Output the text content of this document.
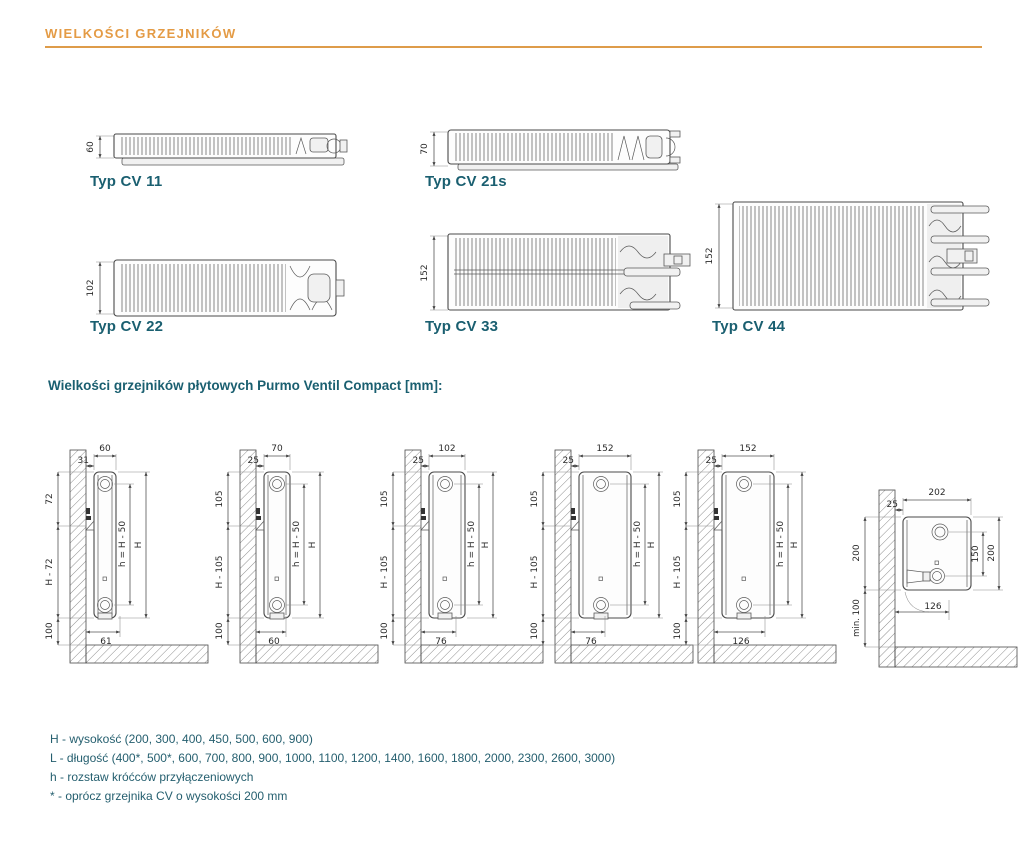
WIELKOŚCI GRZEJNIKÓW
60
Typ CV 11
70
Typ CV 21s
152
Typ CV 44
102
Typ CV 22
152
Typ CV 33
Wielkości grzejników płytowych Purmo Ventil Compact [mm]:
60
31
72
H - 72
100
h = H - 50 H
61
70
25
105
H - 105
100
h = H - 50 H
60
102
25
105
H - 105
100
h = H - 50 H
76
152
25
105
H - 105
100
h = H - 50 H
76
152
25
105
H - 105
100
h = H - 50 H
126
202
25
150 200
200
min. 100	126
H - wysokość (200, 300, 400, 450, 500, 600, 900)
L - długość (400*, 500*, 600, 700, 800, 900, 1000, 1100, 1200, 1400, 1600, 1800, 2000, 2300, 2600, 3000)
h - rozstaw króćców przyłączeniowych
* - oprócz grzejnika CV o wysokości 200 mm
